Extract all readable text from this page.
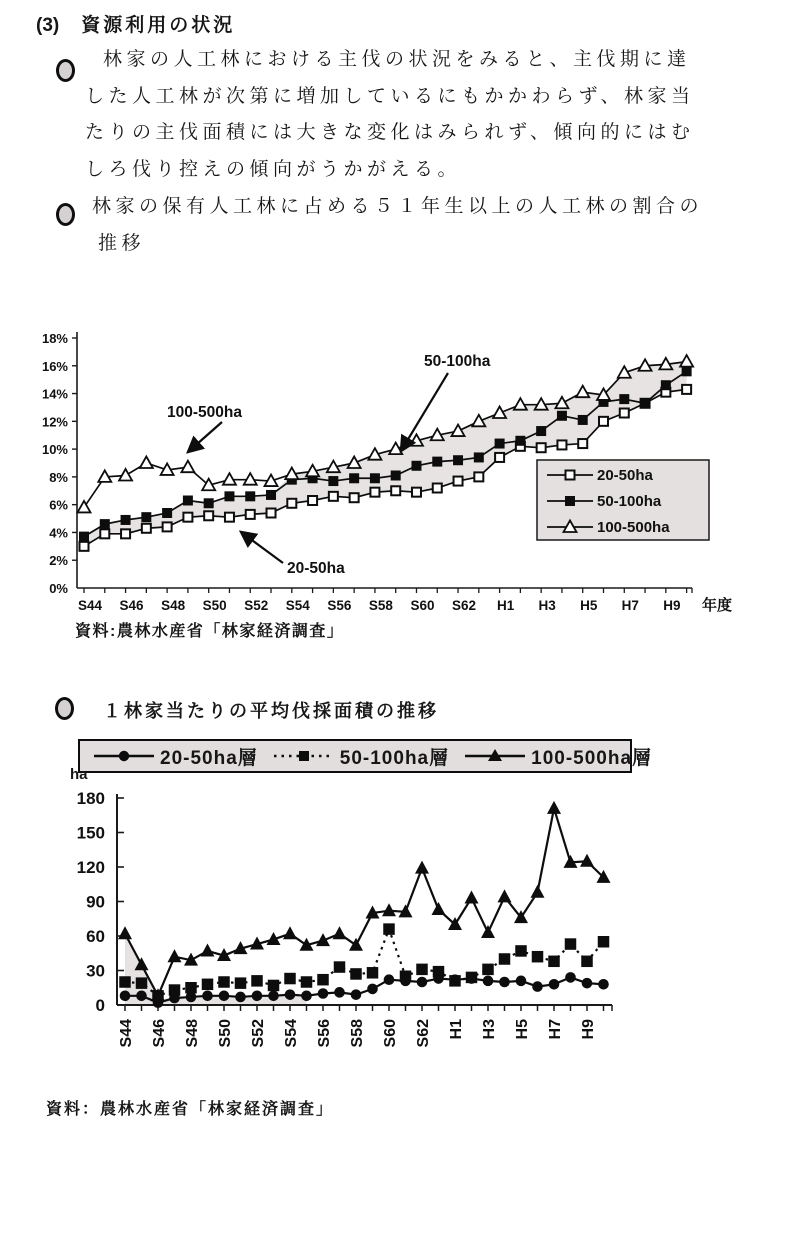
(3) 資源利用の状況
林家の人工林における主伐の状況をみると、主伐期に達
した人工林が次第に増加しているにもかかわらず、林家当
たりの主伐面積には大きな変化はみられず、傾向的にはむ
しろ伐り控えの傾向がうかがえる。
林家の保有人工林に占める５１年生以上の人工林の割合の
推移
0%
2%
4%
6%
8%
10%
12%
14%
16%
18%
S44 S46 S48 S50 S52 S54 S56 S58 S60 S62 H1 H3 H5 H7 H9 年度
100-500ha
50-100ha
20-50ha
20-50ha
50-100ha
100-500ha
資料:農林水産省「林家経済調査」
１林家当たりの平均伐採面積の推移
20-50ha層	50-100ha層	100-500ha層
ha
0
30
60
90
120
150
180
S44 S46 S48 S50 S52 S54 S56 S58 S60 S62 H1 H3 H5 H7 H9
資料：農林水産省「林家経済調査」
